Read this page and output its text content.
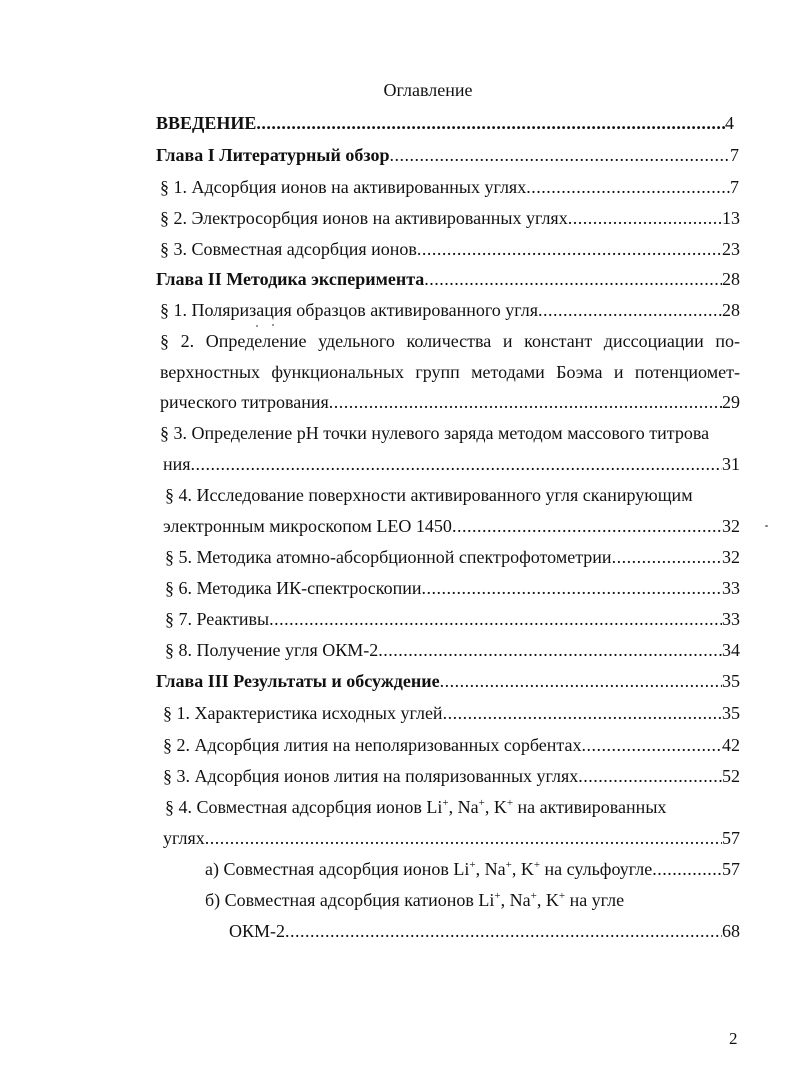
Оглавление
ВВЕДЕНИЕ .....	4
Глава I Литературный обзор .....	7
§ 1. Адсорбция ионов на активированных углях .....	7
§ 2. Электросорбция ионов на активированных углях .....	13
§ 3. Совместная адсорбция ионов .....	23
Глава II Методика эксперимента .....	28
§ 1. Поляризация образцов активированного угля .....	28
§ 2. Определение удельного количества и констант диссоциации по-
верхностных функциональных групп методами Боэма и потенциомет-
рического титрования .....	29
§ 3. Определение pH точки нулевого заряда методом массового титрова
ния .....	31
§ 4. Исследование поверхности активированного угля сканирующим
электронным микроскопом LEO 1450 .....	32
§ 5. Методика атомно-абсорбционной спектрофотометрии .....	32
§ 6. Методика ИК-спектроскопии .....	33
§ 7. Реактивы .....	33
§ 8. Получение угля ОКМ-2 .....	34
Глава III Результаты и обсуждение .....	35
§ 1. Характеристика исходных углей .....	35
§ 2. Адсорбция лития на неполяризованных сорбентах .....	42
§ 3. Адсорбция ионов лития на поляризованных углях .....	52
§ 4. Совместная адсорбция ионов Li+, Na+, K+ на активированных
углях .....	57
а) Совместная адсорбция ионов Li+, Na+, K+ на сульфоугле .....	57
б) Совместная адсорбция катионов Li+, Na+, K+ на угле
ОКМ-2 .....	68
2
